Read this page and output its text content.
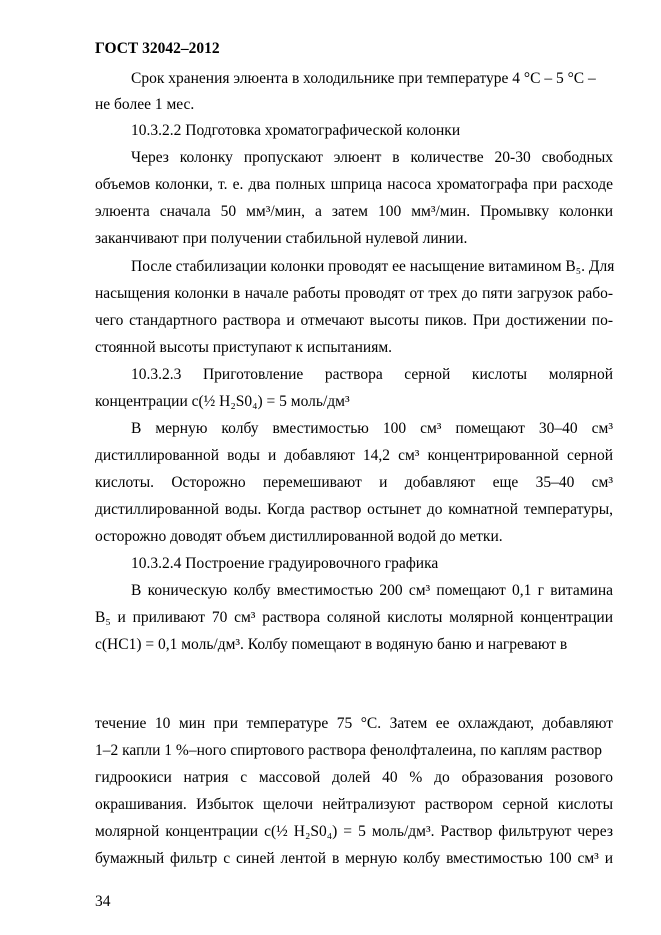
ГОСТ 32042–2012
Срок хранения элюента в холодильнике при температуре 4 °С – 5 °С –
не более 1 мес.
10.3.2.2 Подготовка хроматографической колонки
Через колонку пропускают элюент в количестве 20-30 свободных
объемов колонки, т. е. два полных шприца насоса хроматографа при расходе
элюента сначала 50 мм³/мин, а затем 100 мм³/мин. Промывку колонки
заканчивают при получении стабильной нулевой линии.
После стабилизации колонки проводят ее насыщение витамином B₅. Для
насыщения колонки в начале работы проводят от трех до пяти загрузок рабо-
чего стандартного раствора и отмечают высоты пиков. При достижении по-
стоянной высоты приступают к испытаниям.
10.3.2.3 Приготовление раствора серной кислоты молярной
концентрации c(½ H₂S0₄) = 5 моль/дм³
В мерную колбу вместимостью 100 см³ помещают 30–40 см³
дистиллированной воды и добавляют 14,2 см³ концентрированной серной
кислоты. Осторожно перемешивают и добавляют еще 35–40 см³
дистиллированной воды. Когда раствор остынет до комнатной температуры,
осторожно доводят объем дистиллированной водой до метки.
10.3.2.4 Построение градуировочного графика
В коническую колбу вместимостью 200 см³ помещают 0,1 г витамина
B₅ и приливают 70 см³ раствора соляной кислоты молярной концентрации
c(HC1) = 0,1 моль/дм³. Колбу помещают в водяную баню и нагревают в
течение 10 мин при температуре 75 °С. Затем ее охлаждают, добавляют
1–2 капли 1 %–ного спиртового раствора фенолфталеина, по каплям раствор
гидроокиси натрия с массовой долей 40 % до образования розового
окрашивания. Избыток щелочи нейтрализуют раствором серной кислоты
молярной концентрации c(½ H₂S0₄) = 5 моль/дм³. Раствор фильтруют через
бумажный фильтр с синей лентой в мерную колбу вместимостью 100 см³ и
34
